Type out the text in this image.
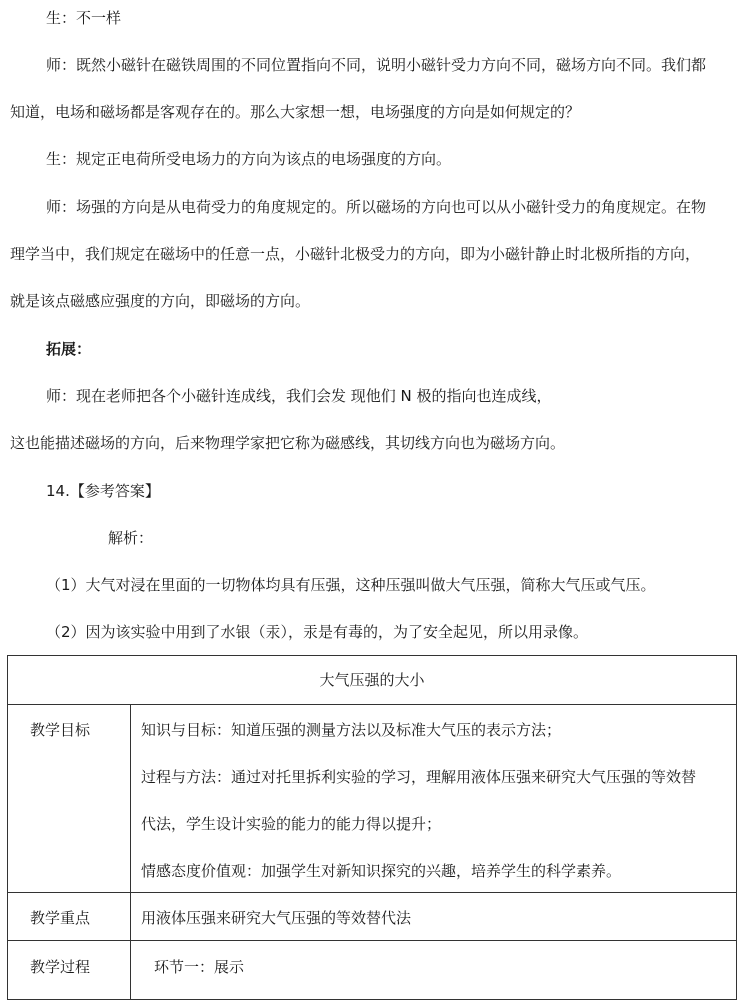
生：不一样
师：既然小磁针在磁铁周围的不同位置指向不同，说明小磁针受力方向不同，磁场方向不同。我们都
知道，电场和磁场都是客观存在的。那么大家想一想，电场强度的方向是如何规定的？
生：规定正电荷所受电场力的方向为该点的电场强度的方向。
师：场强的方向是从电荷受力的角度规定的。所以磁场的方向也可以从小磁针受力的角度规定。在物
理学当中，我们规定在磁场中的任意一点，小磁针北极受力的方向，即为小磁针静止时北极所指的方向，
就是该点磁感应强度的方向，即磁场的方向。
拓展：
师：现在老师把各个小磁针连成线，我们会发 现他们 N 极的指向也连成线，
这也能描述磁场的方向，后来物理学家把它称为磁感线，其切线方向也为磁场方向。
14.【参考答案】
解析：
（1）大气对浸在里面的一切物体均具有压强，这种压强叫做大气压强，简称大气压或气压。
（2）因为该实验中用到了水银（汞），汞是有毒的，为了安全起见，所以用录像。
大气压强的大小
教学目标	知识与目标：知道压强的测量方法以及标准大气压的表示方法；
过程与方法：通过对托里拆利实验的学习，理解用液体压强来研究大气压强的等效替
代法，学生设计实验的能力的能力得以提升；
情感态度价值观：加强学生对新知识探究的兴趣，培养学生的科学素养。
教学重点	用液体压强来研究大气压强的等效替代法
教学过程	环节一：展示
